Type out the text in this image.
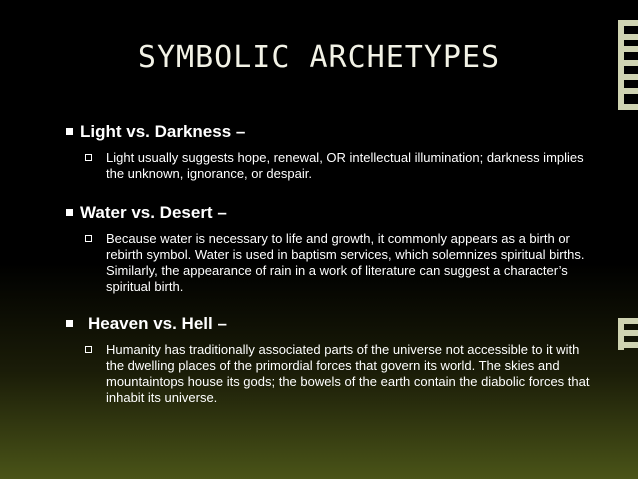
SYMBOLIC ARCHETYPES
Light vs. Darkness –
Light usually suggests hope, renewal, OR intellectual illumination; darkness implies the unknown, ignorance, or despair.
Water vs. Desert –
Because water is necessary to life and growth, it commonly appears as a birth or rebirth symbol. Water is used in baptism services, which solemnizes spiritual births. Similarly, the appearance of rain in a work of literature can suggest a character’s spiritual birth.
Heaven vs. Hell –
Humanity has traditionally associated parts of the universe not accessible to it with the dwelling places of the primordial forces that govern its world. The skies and mountaintops house its gods; the bowels of the earth contain the diabolic forces that inhabit its universe.
